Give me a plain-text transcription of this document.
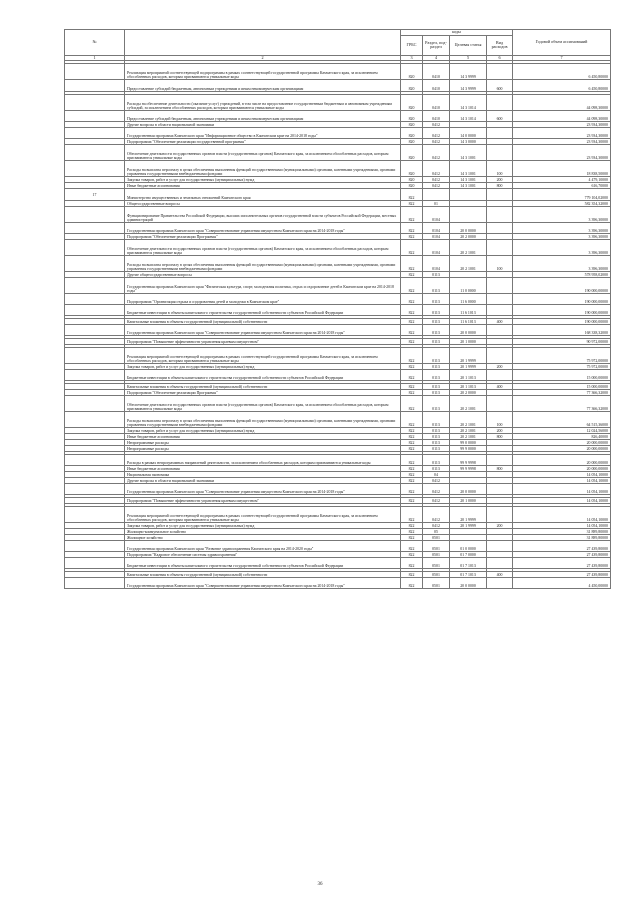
№		коды				Годовой объем ассигнований
		ГРБС	Раздел, под-раздел	Целевая статья	Вид расходов	
1	2	3	4	5	6	7

	Реализация мероприятий соответствующей подпрограммы в рамках соответствующей государственной программы Камчатского края, за исключением обособленных расходов, которым присваиваются уникальные коды	820	0410	14 3 9999		6 450,80000
	Предоставление субсидий бюджетным, автономным учреждениям и иным некоммерческим организациям	820	0410	14 3 9999	600	6 450,80000

	Расходы на обеспечение деятельности (оказание услуг) учреждений, в том числе на предоставление государственным бюджетным и автономным учреждениям субсидий, за исключением обособленных расходов, которым присваиваются уникальные коды	820	0410	14 3 1014		44 098,30000
	Предоставление субсидий бюджетным, автономным учреждениям и иным некоммерческим организациям	820	0410	14 3 1014	600	44 098,30000
	Другие вопросы в области национальной экономики	820	0412			23 934,30000
	Государственная программа Камчатского края "Информационное общество в Камчатском крае на 2014-2018 годы"	820	0412	14 0 0000		23 934,30000
	Подпрограмма "Обеспечение реализации государственной программы"	820	0412	14 3 0000		23 934,30000
	Обеспечение деятельности государственных органов власти (государственных органов) Камчатского края, за исключением обособленных расходов, которым присваиваются уникальные коды	820	0412	14 3 1001		23 934,30000
	Расходы на выплаты персоналу в целях обеспечения выполнения функций государственными (муниципальными) органами, казенными учреждениями, органами управления государственными внебюджетными фондами	820	0412	14 3 1001	100	18 838,50000
	Закупка товаров, работ и услуг для государственных (муниципальных) нужд	820	0412	14 3 1001	200	4 479,10000
	Иные бюджетные ассигнования	820	0412	14 3 1001	800	616,70000
17	Министерство имущественных и земельных отношений Камчатского края	822				779 104,02000
	Общегосударственные вопросы	822	01			582 354,32000
	Функционирование Правительства Российской Федерации, высших исполнительных органов государственной власти субъектов Российской Федерации, местных администраций	822	0104			3 396,30000
	Государственная программа Камчатского края "Совершенствование управления имуществом Камчатского края на 2014-2018 годы"	822	0104	20 0 0000		3 396,30000
	Подпрограмма "Обеспечение реализации Программы"	822	0104	20 2 0000		3 396,30000
	Обеспечение деятельности государственных органов власти (государственных органов) Камчатского края, за исключением обособленных расходов, которым присваиваются уникальные коды	822	0104	20 2 1001		3 396,30000
	Расходы на выплаты персоналу в целях обеспечения выполнения функций государственными (муниципальными) органами, казенными учреждениями, органами управления государственными внебюджетными фондами	822	0104	20 2 1001	100	3 396,30000
	Другие общегосударственные вопросы	822	0113			578 958,02000
	Государственная программа Камчатского края "Физическая культура, спорт, молодежная политика, отдых и оздоровление детей в Камчатском крае на 2014-2018 годы"	822	0113	11 0 0000		190 000,00000
	Подпрограмма "Организация отдыха и оздоровления детей и молодежи в Камчатском крае"	822	0113	11 6 0000		190 000,00000
	Бюджетные инвестиции в объекты капитального строительства государственной собственности субъектов Российской Федерации	822	0113	11 6 1013		190 000,00000

	Капитальные вложения в объекты государственной (муниципальной) собственности	822	0113	11 6 1013	400	190 000,00000
	Государственная программа Камчатского края "Совершенствование управления имуществом Камчатского края на 2014-2018 годы"	822	0113	20 0 0000		168 338,32000

	Подпрограмма "Повышение эффективности управления краевым имуществом"	822	0113	20 1 0000		90 972,00000

	Реализация мероприятий соответствующей подпрограммы в рамках соответствующей государственной программы Камчатского края, за исключением обособленных расходов, которым присваиваются уникальные коды	822	0113	20 1 9999		75 972,00000
	Закупка товаров, работ и услуг для государственных (муниципальных) нужд	822	0113	20 1 9999	200	75 972,00000
	Бюджетные инвестиции в объекты капитального строительства государственной собственности субъектов Российской Федерации	822	0113	20 1 1013		15 000,00000

	Капитальные вложения в объекты государственной (муниципальной) собственности	822	0113	20 1 1013	400	15 000,00000
	Подпрограмма "Обеспечение реализации Программы"	822	0113	20 2 0000		77 366,32000
	Обеспечение деятельности государственных органов власти (государственных органов) Камчатского края, за исключением обособленных расходов, которым присваиваются уникальные коды	822	0113	20 2 1001		77 366,32000
	Расходы на выплаты персоналу в целях обеспечения выполнения функций государственными (муниципальными) органами, казенными учреждениями, органами управления государственными внебюджетными фондами	822	0113	20 2 1001	100	64 515,36000
	Закупка товаров, работ и услуг для государственных (муниципальных) нужд	822	0113	20 2 1001	200	12 024,56000
	Иные бюджетные ассигнования	822	0113	20 2 1001	800	826,40000
	Непрограммные расходы	822	0113	99 0 0000		20 000,00000
	Непрограммные расходы	822	0113	99 9 0000		20 000,00000

	Расходы в рамках непрограммных направлений деятельности, за исключением обособленных расходов, которым присваиваются уникальные коды	822	0113	99 9 9998		20 000,00000
	Иные бюджетные ассигнования	822	0113	99 9 9998	800	20 000,00000
	Национальная экономика	822	04			14 054,10000
	Другие вопросы в области национальной экономики	822	0412			14 054,10000
	Государственная программа Камчатского края "Совершенствование управления имуществом Камчатского края на 2014-2018 годы"	822	0412	20 0 0000		14 054,10000

	Подпрограмма "Повышение эффективности управления краевым имуществом"	822	0412	20 1 0000		14 054,10000

	Реализация мероприятий соответствующей подпрограммы в рамках соответствующей государственной программы Камчатского края, за исключением обособленных расходов, которым присваиваются уникальные коды	822	0412	20 1 9999		14 054,10000
	Закупка товаров, работ и услуг для государственных (муниципальных) нужд	822	0412	20 1 9999	200	14 054,10000
	Жилищно-коммунальное хозяйство	822	05			31 889,80000
	Жилищное хозяйство	822	0501			31 889,80000
	Государственная программа Камчатского края "Развитие здравоохранения Камчатского края на 2014-2020 годы"	822	0501	01 0 0000		27 439,80000
	Подпрограмма "Кадровое обеспечение системы здравоохранения"	822	0501	01 7 0000		27 439,80000
	Бюджетные инвестиции в объекты капитального строительства государственной собственности субъектов Российской Федерации	822	0501	01 7 1013		27 439,80000

	Капитальные вложения в объекты государственной (муниципальной) собственности	822	0501	01 7 1013	400	27 439,80000
	Государственная программа Камчатского края "Совершенствование управления имуществом Камчатского края на 2014-2018 годы"	822	0501	20 0 0000		4 450,00000
36
